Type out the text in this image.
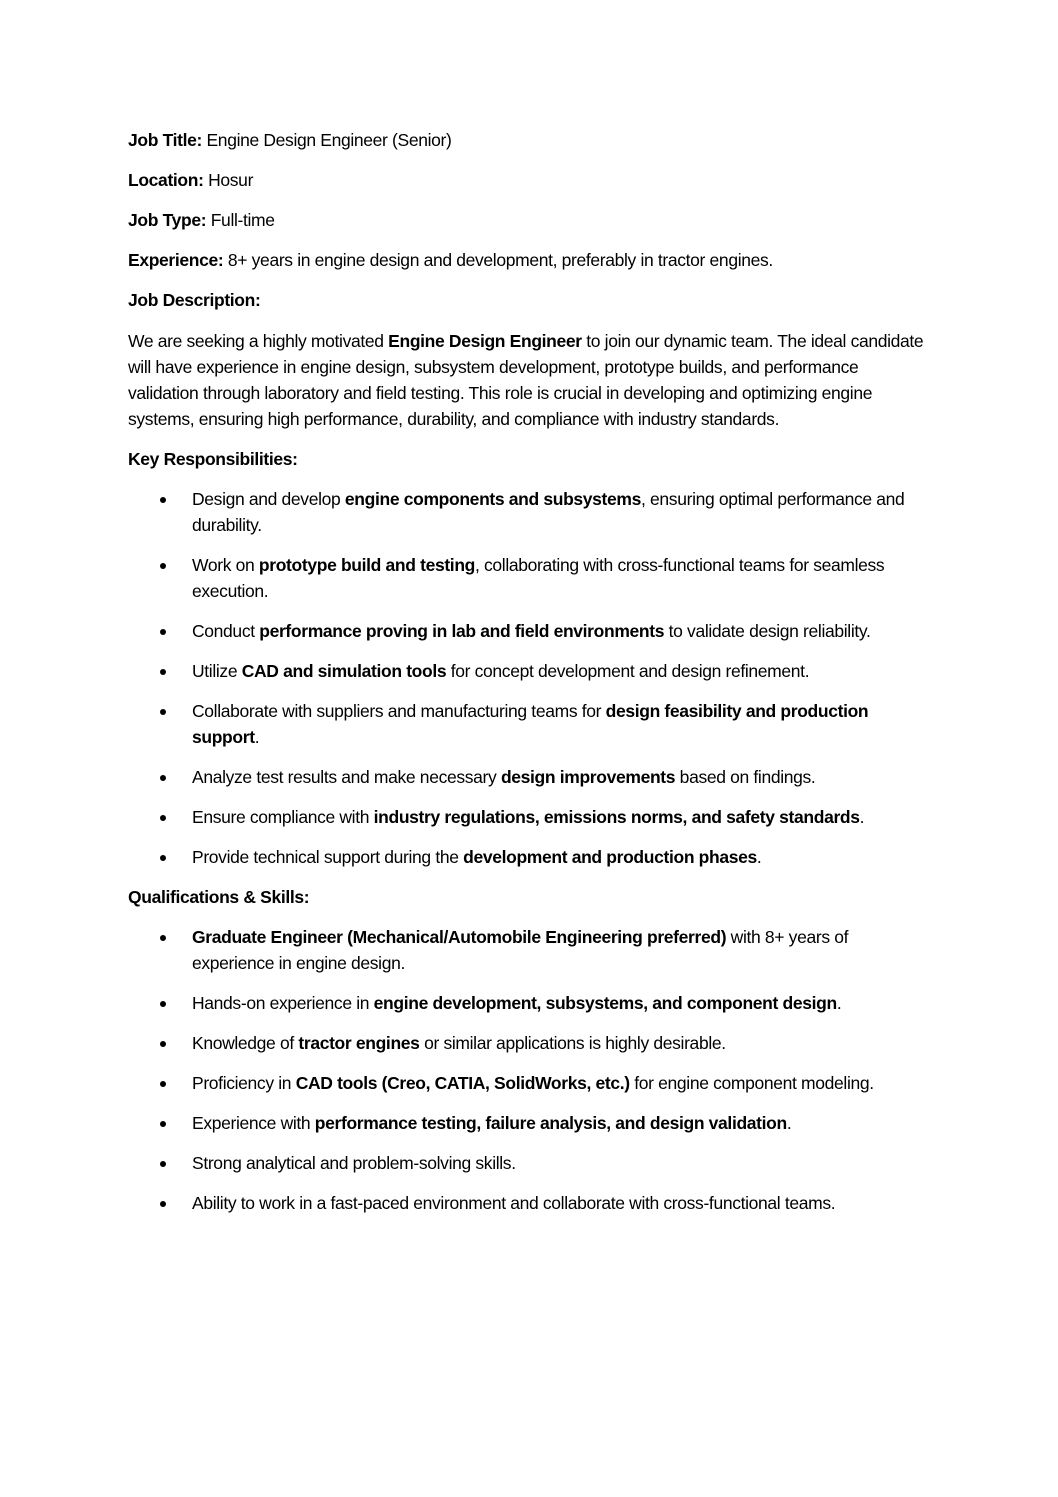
Job Title: Engine Design Engineer (Senior)

Location: Hosur

Job Type: Full-time

Experience: 8+ years in engine design and development, preferably in tractor engines.

Job Description:

We are seeking a highly motivated Engine Design Engineer to join our dynamic team. The ideal candidate will have experience in engine design, subsystem development, prototype builds, and performance validation through laboratory and field testing. This role is crucial in developing and optimizing engine systems, ensuring high performance, durability, and compliance with industry standards.

Key Responsibilities:

Design and develop engine components and subsystems, ensuring optimal performance and durability.
Work on prototype build and testing, collaborating with cross-functional teams for seamless execution.
Conduct performance proving in lab and field environments to validate design reliability.
Utilize CAD and simulation tools for concept development and design refinement.
Collaborate with suppliers and manufacturing teams for design feasibility and production support.
Analyze test results and make necessary design improvements based on findings.
Ensure compliance with industry regulations, emissions norms, and safety standards.
Provide technical support during the development and production phases.

Qualifications & Skills:

Graduate Engineer (Mechanical/Automobile Engineering preferred) with 8+ years of experience in engine design.
Hands-on experience in engine development, subsystems, and component design.
Knowledge of tractor engines or similar applications is highly desirable.
Proficiency in CAD tools (Creo, CATIA, SolidWorks, etc.) for engine component modeling.
Experience with performance testing, failure analysis, and design validation.
Strong analytical and problem-solving skills.
Ability to work in a fast-paced environment and collaborate with cross-functional teams.
